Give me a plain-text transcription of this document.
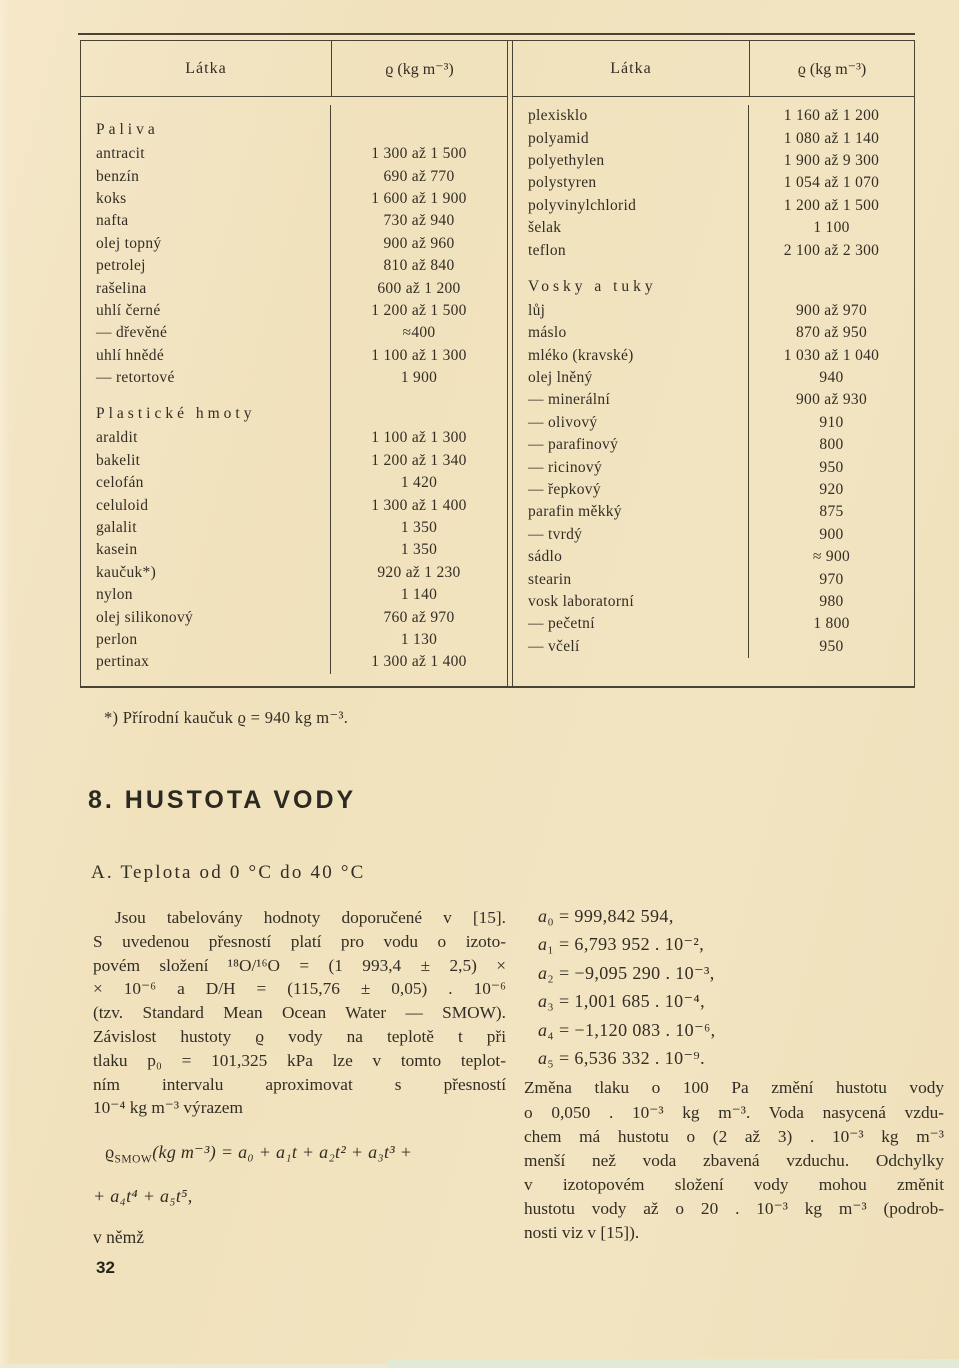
Látka	ϱ (kg m⁻³)
Paliva
antracit	1 300 až 1 500
benzín	690 až 770
koks	1 600 až 1 900
nafta	730 až 940
olej topný	900 až 960
petrolej	810 až 840
rašelina	600 až 1 200
uhlí černé	1 200 až 1 500
— dřevěné	≈400
uhlí hnědé	1 100 až 1 300
— retortové	1 900
Plastické hmoty
araldit	1 100 až 1 300
bakelit	1 200 až 1 340
celofán	1 420
celuloid	1 300 až 1 400
galalit	1 350
kasein	1 350
kaučuk*)	920 až 1 230
nylon	1 140
olej silikonový	760 až 970
perlon	1 130
pertinax	1 300 až 1 400
Látka	ϱ (kg m⁻³)
plexisklo	1 160 až 1 200
polyamid	1 080 až 1 140
polyethylen	1 900 až 9 300
polystyren	1 054 až 1 070
polyvinylchlorid	1 200 až 1 500
šelak	1 100
teflon	2 100 až 2 300
Vosky a tuky
lůj	900 až 970
máslo	870 až 950
mléko (kravské)	1 030 až 1 040
olej lněný	940
— minerální	900 až 930
— olivový	910
— parafinový	800
— ricinový	950
— řepkový	920
parafin měkký	875
— tvrdý	900
sádlo	≈ 900
stearin	970
vosk laboratorní	980
— pečetní	1 800
— včelí	950
*) Přírodní kaučuk ϱ = 940 kg m⁻³.
8. HUSTOTA VODY
A. Teplota od 0 °C do 40 °C
Jsou tabelovány hodnoty doporučené v [15].
S uvedenou přesností platí pro vodu o izoto-
povém složení ¹⁸O/¹⁶O = (1 993,4 ± 2,5) ×
× 10⁻⁶ a D/H = (115,76 ± 0,05) . 10⁻⁶
(tzv. Standard Mean Ocean Water — SMOW).
Závislost hustoty ϱ vody na teplotě t při
tlaku p₀ = 101,325 kPa lze v tomto teplot-
ním intervalu aproximovat s přesností
10⁻⁴ kg m⁻³ výrazem
$ϱ_{SMOW}(kg$ m⁻³) = a₀ + a₁t + a₂t² + a₃t³ +
+ a₄t⁴ + a₅t⁵,
v němž
a₀ = 999,842 594,
a₁ = 6,793 952 . 10⁻²,
a₂ = −9,095 290 . 10⁻³,
a₃ = 1,001 685 . 10⁻⁴,
a₄ = −1,120 083 . 10⁻⁶,
a₅ = 6,536 332 . 10⁻⁹.
Změna tlaku o 100 Pa změní hustotu vody
o 0,050 . 10⁻³ kg m⁻³. Voda nasycená vzdu-
chem má hustotu o (2 až 3) . 10⁻³ kg m⁻³
menší než voda zbavená vzduchu. Odchylky
v izotopovém složení vody mohou změnit
hustotu vody až o 20 . 10⁻³ kg m⁻³ (podrob-
nosti viz v [15]).
32
